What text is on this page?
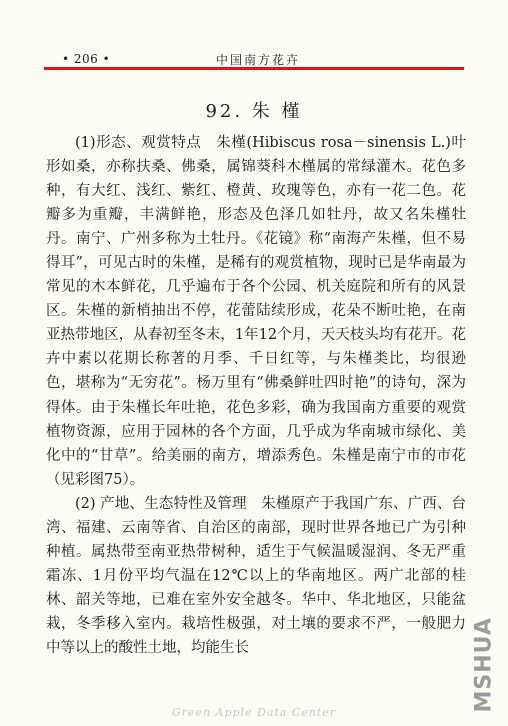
• 206 •	中国南方花卉
92. 朱 槿

(1)形态、观赏特点　朱槿(Hibiscus rosa－sinensis L.)叶形如桑，亦称扶桑、佛桑，属锦葵科木槿属的常绿灌木。花色多种，有大红、浅红、紫红、橙黄、玫瑰等色，亦有一花二色。花瓣多为重瓣，丰满鲜艳，形态及色泽几如牡丹，故又名朱槿牡丹。南宁、广州多称为土牡丹。《花镜》称“南海产朱槿，但不易得耳”，可见古时的朱槿，是稀有的观赏植物，现时已是华南最为常见的木本鲜花，几乎遍布于各个公园、机关庭院和所有的风景区。朱槿的新梢抽出不停，花蕾陆续形成，花朵不断吐艳，在南亚热带地区，从春初至冬末，1年12个月，天天枝头均有花开。花卉中素以花期长称著的月季、千日红等，与朱槿类比，均很逊色，堪称为“无穷花”。杨万里有“佛桑鲜吐四时艳”的诗句，深为得体。由于朱槿长年吐艳，花色多彩，确为我国南方重要的观赏植物资源，应用于园林的各个方面，几乎成为华南城市绿化、美化中的“甘草”。给美丽的南方，增添秀色。朱槿是南宁市的市花（见彩图75）。

(2) 产地、生态特性及管理　朱槿原产于我国广东、广西、台湾、福建、云南等省、自治区的南部，现时世界各地已广为引种种植。属热带至南亚热带树种，适生于气候温暖湿润、冬无严重霜冻、1月份平均气温在12℃以上的华南地区。两广北部的桂林、韶关等地，已难在室外安全越冬。华中、华北地区，只能盆栽，冬季移入室内。栽培性极强，对土壤的要求不严，一般肥力中等以上的酸性土地，均能生长	MSHUA
Green Apple Data Center
